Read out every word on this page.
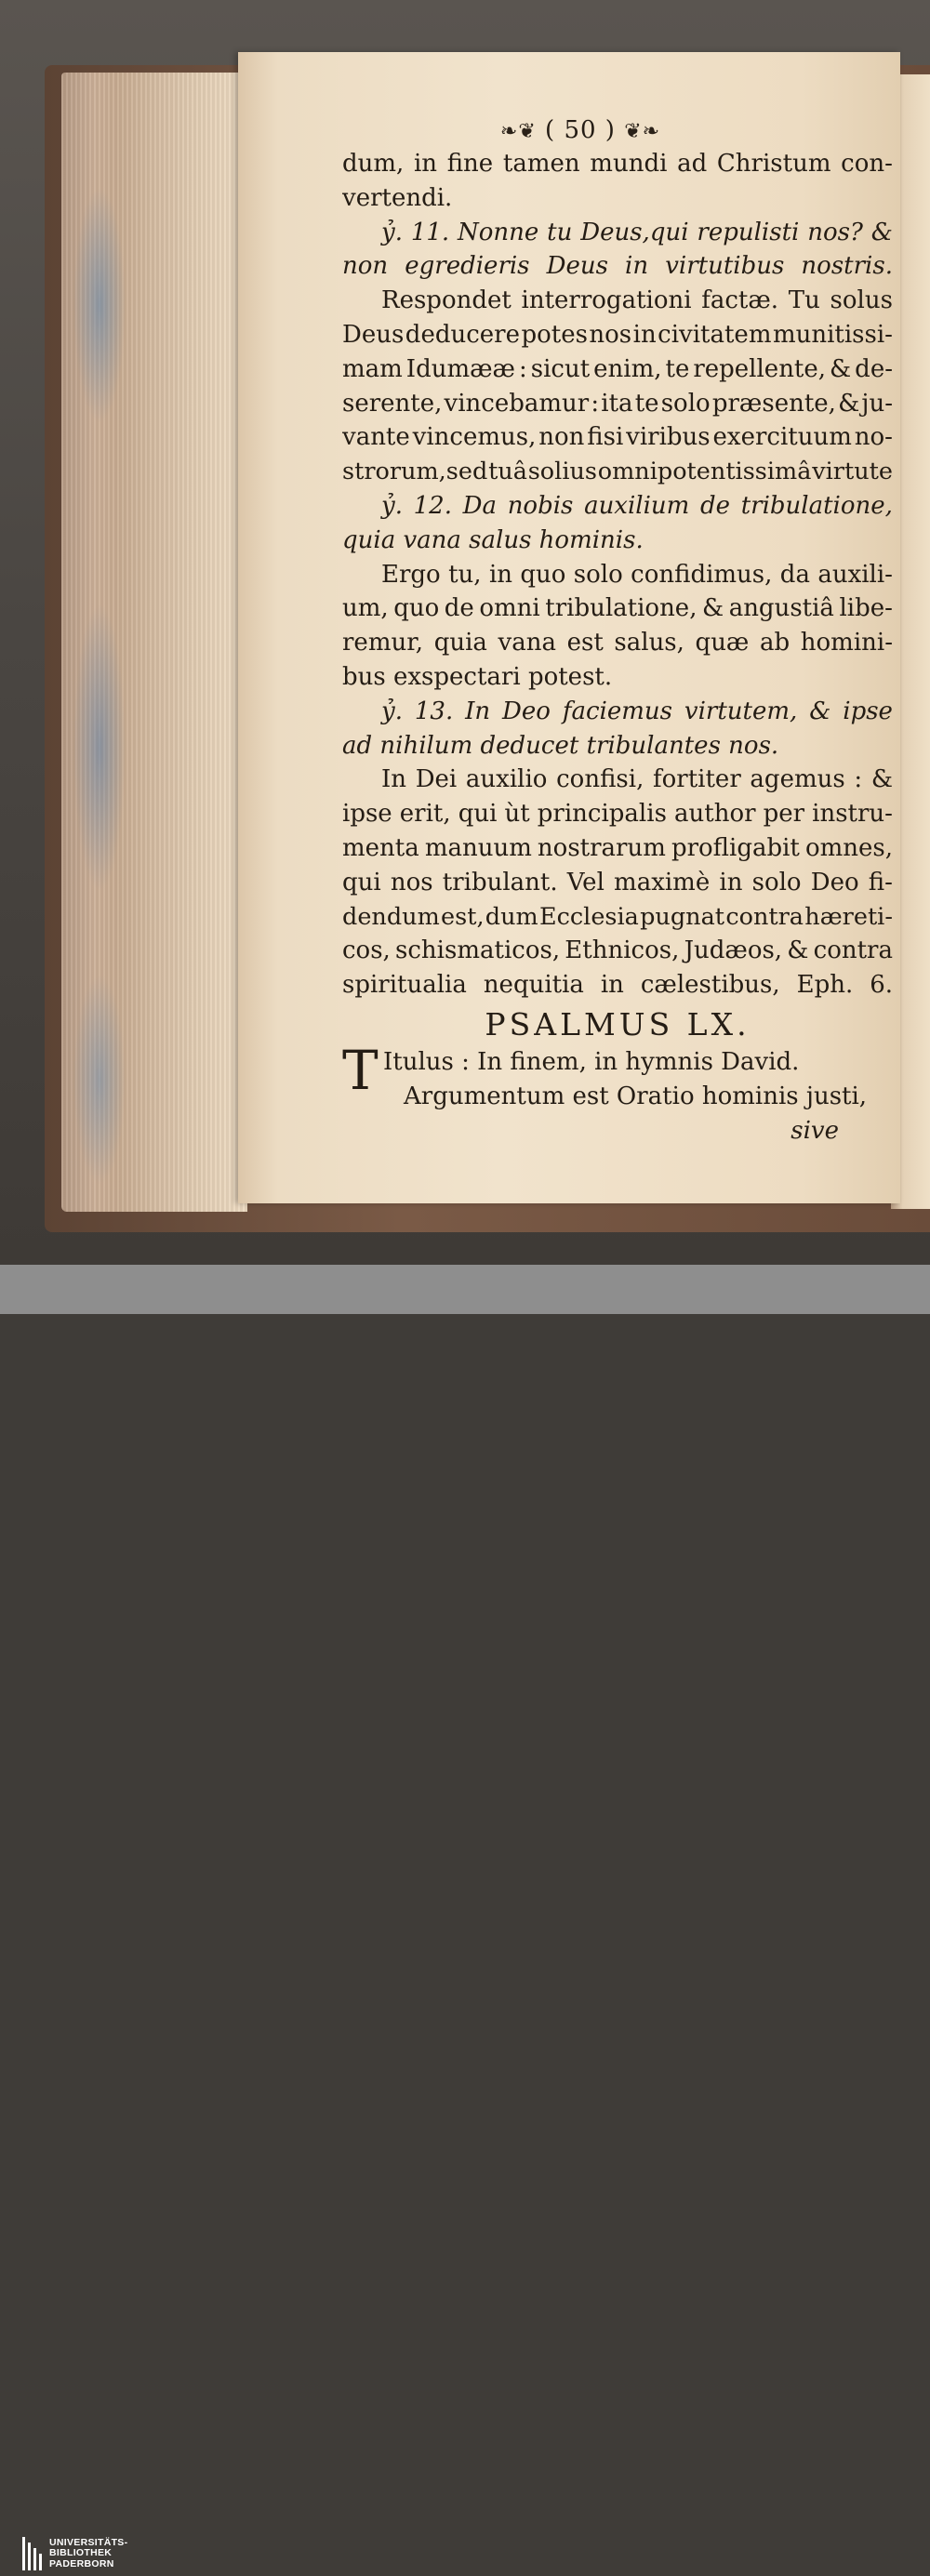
❧❦ ( 50 ) ❦❧
dum, in fine tamen mundi ad Christum con-
vertendi.
ỷ. 11. Nonne tu Deus,qui repulisti nos? &
non egredieris Deus in virtutibus nostris.
Respondet interrogationi factæ. Tu solus
Deus deducere potes nos in civitatem munitissi-
mam Idumææ : sicut enim, te repellente, & de-
serente, vincebamur : ita te solo præsente, & ju-
vante vincemus, non fisi viribus exercituum no-
strorum,sed tuâ solius omnipotentissimâ virtute
ỷ. 12. Da nobis auxilium de tribulatione,
quia vana salus hominis.
Ergo tu, in quo solo confidimus, da auxili-
um, quo de omni tribulatione, & angustiâ libe-
remur, quia vana est salus, quæ ab homini-
bus exspectari potest.
ỷ. 13. In Deo faciemus virtutem, & ipse
ad nihilum deducet tribulantes nos.
In Dei auxilio confisi, fortiter agemus : &
ipse erit, qui ùt principalis author per instru-
menta manuum nostrarum profligabit omnes,
qui nos tribulant. Vel maximè in solo Deo fi-
dendum est, dum Ecclesia pugnat contra hæreti-
cos, schismaticos, Ethnicos, Judæos, & contra
spiritualia nequitia in cælestibus, Eph. 6.
PSALMUS LX.
T Itulus : In finem, in hymnis David.
Argumentum est Oratio hominis justi,
sive
UNIVERSITÄTS-
BIBLIOTHEK
PADERBORN
